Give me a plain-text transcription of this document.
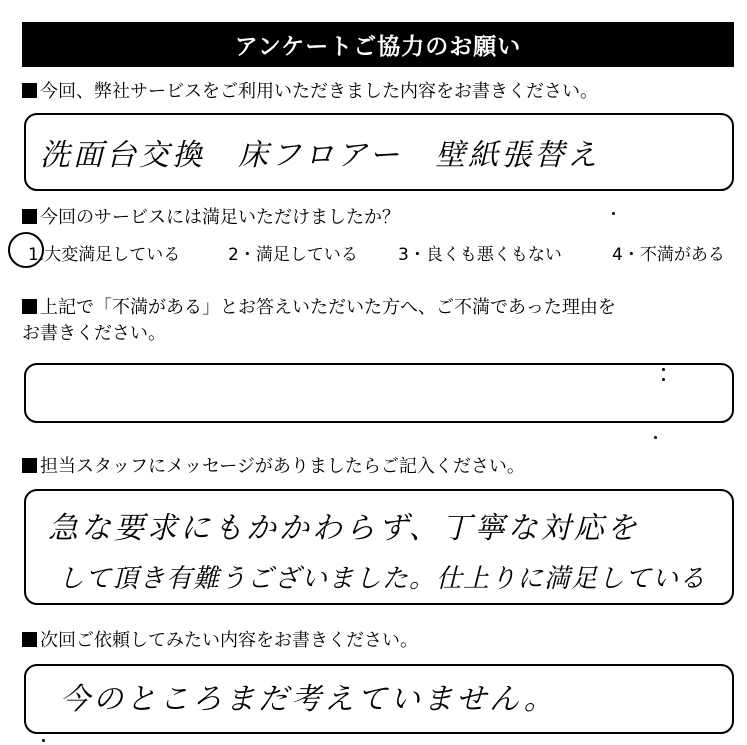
アンケートご協力のお願い
今回、弊社サービスをご利用いただきました内容をお書きください。
洗面台交換　床フロアー　壁紙張替え
今回のサービスには満足いただけましたか？
1.大変満足している	2・満足している 3・良くも悪くもない	4・不満がある
上記で「不満がある」とお答えいただいた方へ、ご不満であった理由を
お書きください。
担当スタッフにメッセージがありましたらご記入ください。
急な要求にもかかわらず、丁寧な対応を
して頂き有難うございました。仕上りに満足している
次回ご依頼してみたい内容をお書きください。
今のところまだ考えていません。
